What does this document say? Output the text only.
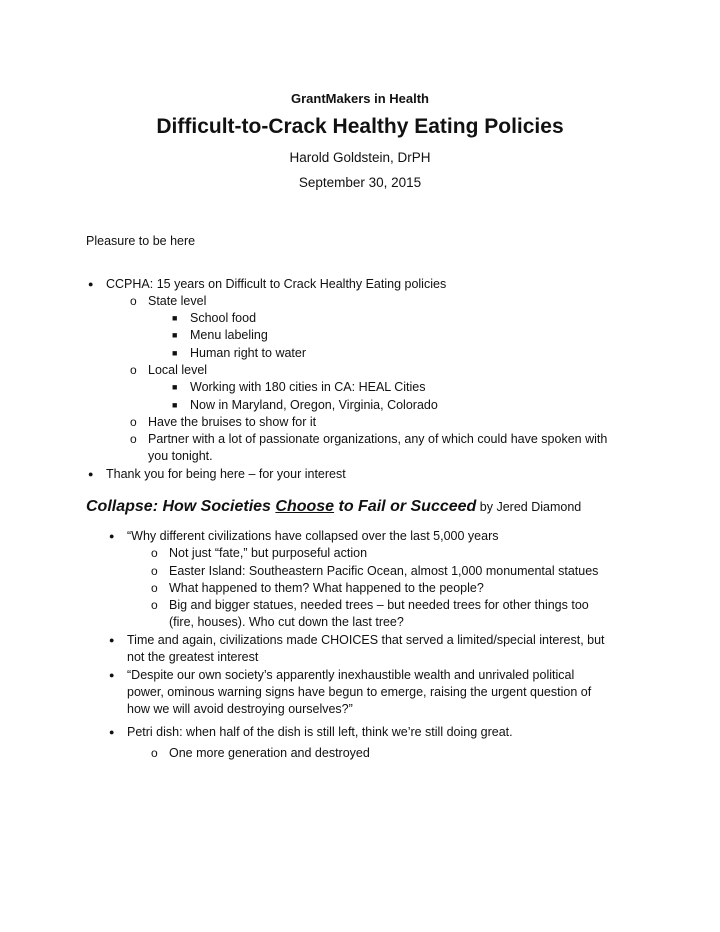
GrantMakers in Health
Difficult-to-Crack Healthy Eating Policies
Harold Goldstein, DrPH
September 30, 2015
Pleasure to be here
● CCPHA: 15 years on Difficult to Crack Healthy Eating policies
o State level
■ School food
■ Menu labeling
■ Human right to water
o Local level
■ Working with 180 cities in CA: HEAL Cities
■ Now in Maryland, Oregon, Virginia, Colorado
o Have the bruises to show for it
o Partner with a lot of passionate organizations, any of which could have spoken with
you tonight.
● Thank you for being here – for your interest
Collapse: How Societies Choose to Fail or Succeed by Jered Diamond
● “Why different civilizations have collapsed over the last 5,000 years
o Not just “fate,” but purposeful action
o Easter Island: Southeastern Pacific Ocean, almost 1,000 monumental statues
o What happened to them? What happened to the people?
o Big and bigger statues, needed trees – but needed trees for other things too
(fire, houses). Who cut down the last tree?
● Time and again, civilizations made CHOICES that served a limited/special interest, but
not the greatest interest
● “Despite our own society’s apparently inexhaustible wealth and unrivaled political
power, ominous warning signs have begun to emerge, raising the urgent question of
how we will avoid destroying ourselves?”
● Petri dish: when half of the dish is still left, think we’re still doing great.
o One more generation and destroyed
